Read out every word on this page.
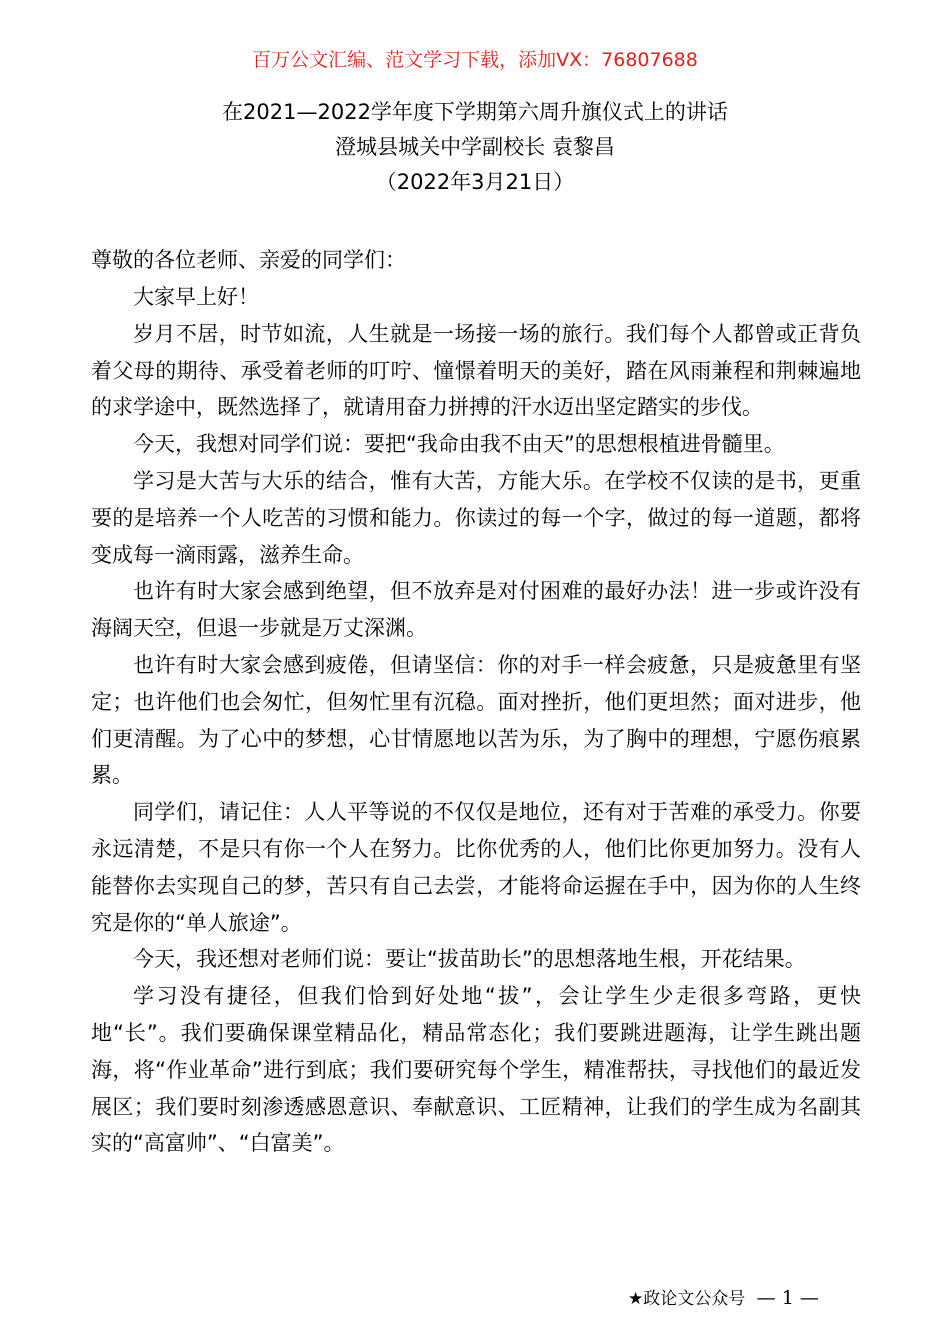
百万公文汇编、范文学习下载，添加VX：76807688
在2021—2022学年度下学期第六周升旗仪式上的讲话
澄城县城关中学副校长 袁黎昌
（2022年3月21日）
尊敬的各位老师、亲爱的同学们：

大家早上好！

岁月不居，时节如流，人生就是一场接一场的旅行。我们每个人都曾或正背负着父母的期待、承受着老师的叮咛、憧憬着明天的美好，踏在风雨兼程和荆棘遍地的求学途中，既然选择了，就请用奋力拼搏的汗水迈出坚定踏实的步伐。

今天，我想对同学们说：要把“我命由我不由天”的思想根植进骨髓里。

学习是大苦与大乐的结合，惟有大苦，方能大乐。在学校不仅读的是书，更重要的是培养一个人吃苦的习惯和能力。你读过的每一个字，做过的每一道题，都将变成每一滴雨露，滋养生命。

也许有时大家会感到绝望，但不放弃是对付困难的最好办法！进一步或许没有海阔天空，但退一步就是万丈深渊。

也许有时大家会感到疲倦，但请坚信：你的对手一样会疲惫，只是疲惫里有坚定；也许他们也会匆忙，但匆忙里有沉稳。面对挫折，他们更坦然；面对进步，他们更清醒。为了心中的梦想，心甘情愿地以苦为乐，为了胸中的理想，宁愿伤痕累累。

同学们，请记住：人人平等说的不仅仅是地位，还有对于苦难的承受力。你要永远清楚，不是只有你一个人在努力。比你优秀的人，他们比你更加努力。没有人能替你去实现自己的梦，苦只有自己去尝，才能将命运握在手中，因为你的人生终究是你的“单人旅途”。

今天，我还想对老师们说：要让“拔苗助长”的思想落地生根，开花结果。

学习没有捷径，但我们恰到好处地“拔”，会让学生少走很多弯路，更快地“长”。我们要确保课堂精品化，精品常态化；我们要跳进题海，让学生跳出题海，将“作业革命”进行到底；我们要研究每个学生，精准帮扶，寻找他们的最近发展区；我们要时刻渗透感恩意识、奉献意识、工匠精神，让我们的学生成为名副其实的“高富帅”、“白富美”。

★政论文公众号 — 1 —
